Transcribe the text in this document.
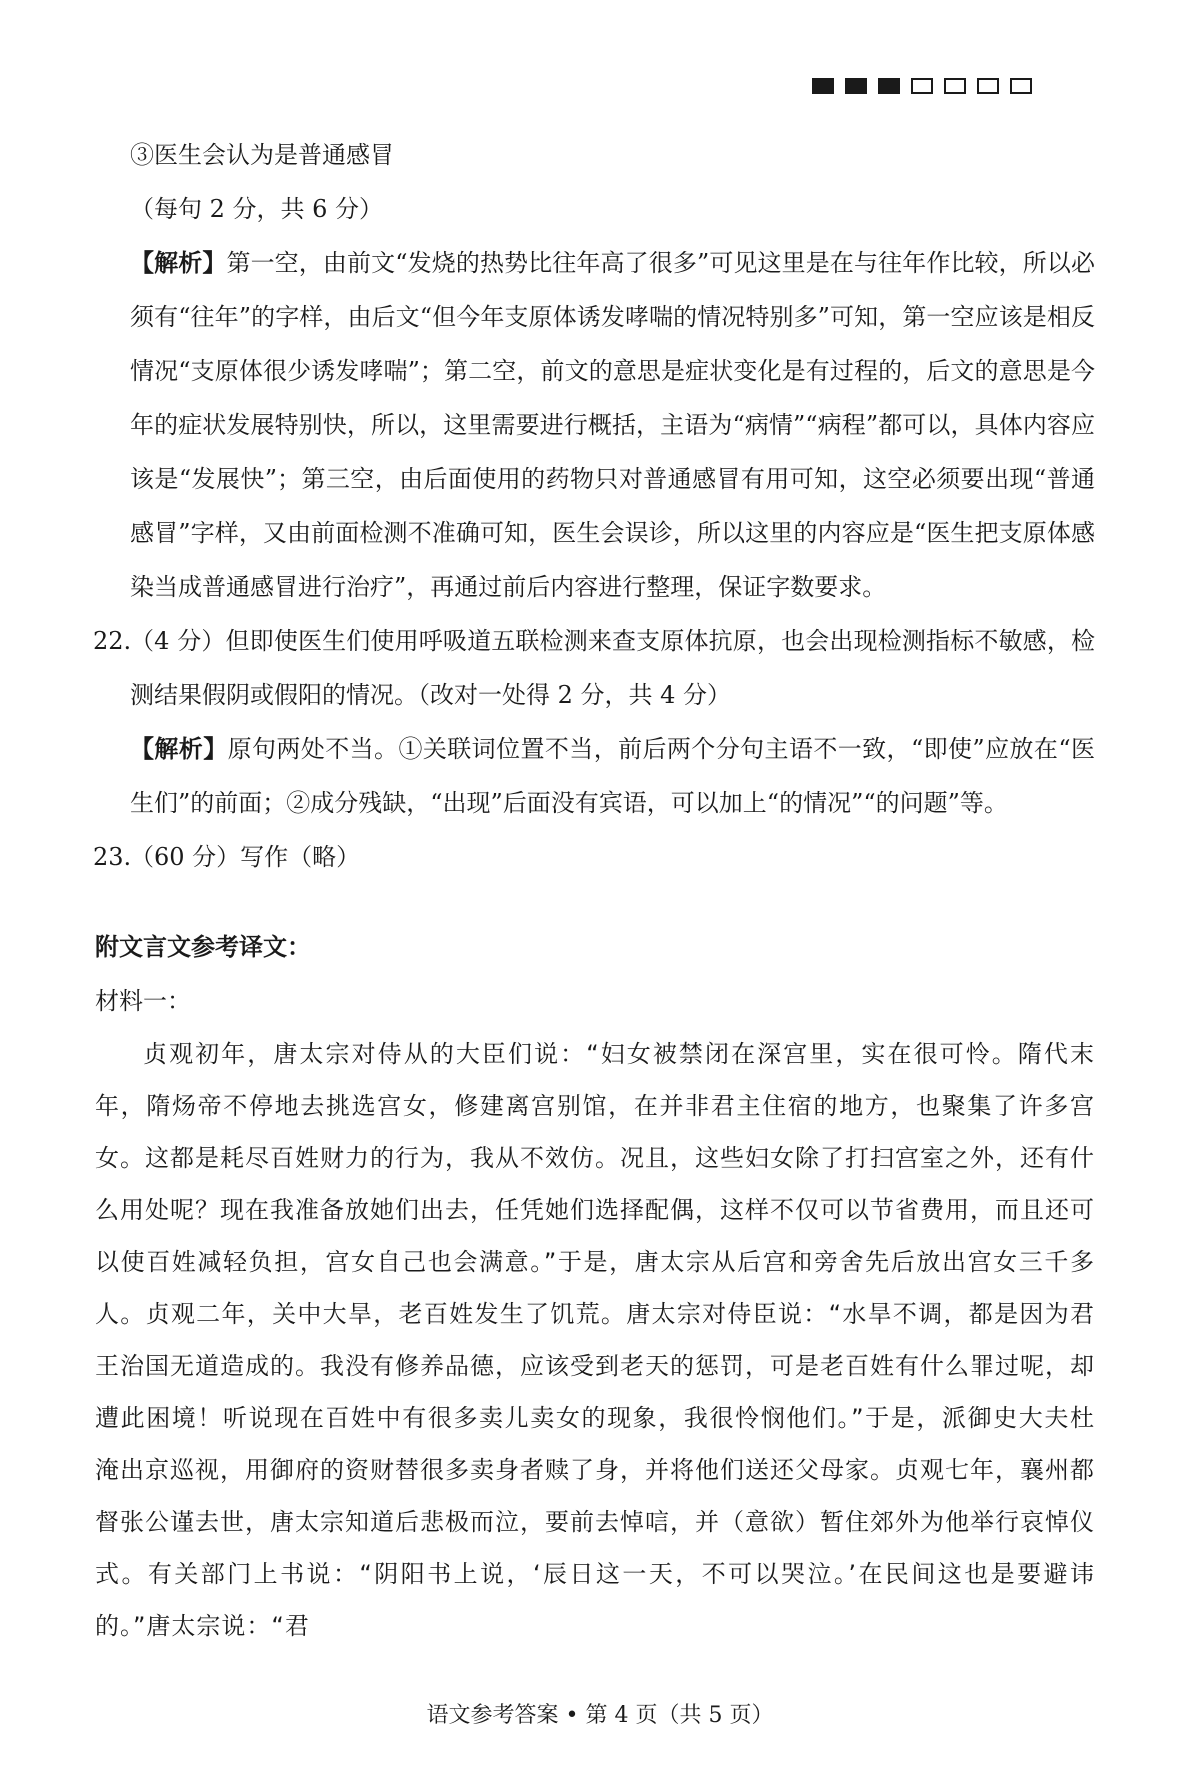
③医生会认为是普通感冒

（每句 2 分，共 6 分）

【解析】第一空，由前文“发烧的热势比往年高了很多”可见这里是在与往年作比较，所以必须有“往年”的字样，由后文“但今年支原体诱发哮喘的情况特别多”可知，第一空应该是相反情况“支原体很少诱发哮喘”；第二空，前文的意思是症状变化是有过程的，后文的意思是今年的症状发展特别快，所以，这里需要进行概括，主语为“病情”“病程”都可以，具体内容应该是“发展快”；第三空，由后面使用的药物只对普通感冒有用可知，这空必须要出现“普通感冒”字样，又由前面检测不准确可知，医生会误诊，所以这里的内容应是“医生把支原体感染当成普通感冒进行治疗”，再通过前后内容进行整理，保证字数要求。

22.
（4 分）但即使医生们使用呼吸道五联检测来查支原体抗原，也会出现检测指标不敏感，检测结果假阴或假阳的情况。（改对一处得 2 分，共 4 分）

【解析】原句两处不当。①关联词位置不当，前后两个分句主语不一致，“即使”应放在“医生们”的前面；②成分残缺，“出现”后面没有宾语，可以加上“的情况”“的问题”等。

23.
（60 分）写作（略）

附文言文参考译文：

材料一：

贞观初年，唐太宗对侍从的大臣们说：“妇女被禁闭在深宫里，实在很可怜。隋代末年，隋炀帝不停地去挑选宫女，修建离宫别馆，在并非君主住宿的地方，也聚集了许多宫女。这都是耗尽百姓财力的行为，我从不效仿。况且，这些妇女除了打扫宫室之外，还有什么用处呢？现在我准备放她们出去，任凭她们选择配偶，这样不仅可以节省费用，而且还可以使百姓减轻负担，宫女自己也会满意。”于是，唐太宗从后宫和旁舍先后放出宫女三千多人。贞观二年，关中大旱，老百姓发生了饥荒。唐太宗对侍臣说：“水旱不调，都是因为君王治国无道造成的。我没有修养品德，应该受到老天的惩罚，可是老百姓有什么罪过呢，却遭此困境！听说现在百姓中有很多卖儿卖女的现象，我很怜悯他们。”于是，派御史大夫杜淹出京巡视，用御府的资财替很多卖身者赎了身，并将他们送还父母家。贞观七年，襄州都督张公谨去世，唐太宗知道后悲极而泣，要前去悼唁，并（意欲）暂住郊外为他举行哀悼仪式。有关部门上书说：“阴阳书上说，‘辰日这一天，不可以哭泣。’在民间这也是要避讳的。”唐太宗说：“君

语文参考答案 • 第 4 页（共 5 页）
